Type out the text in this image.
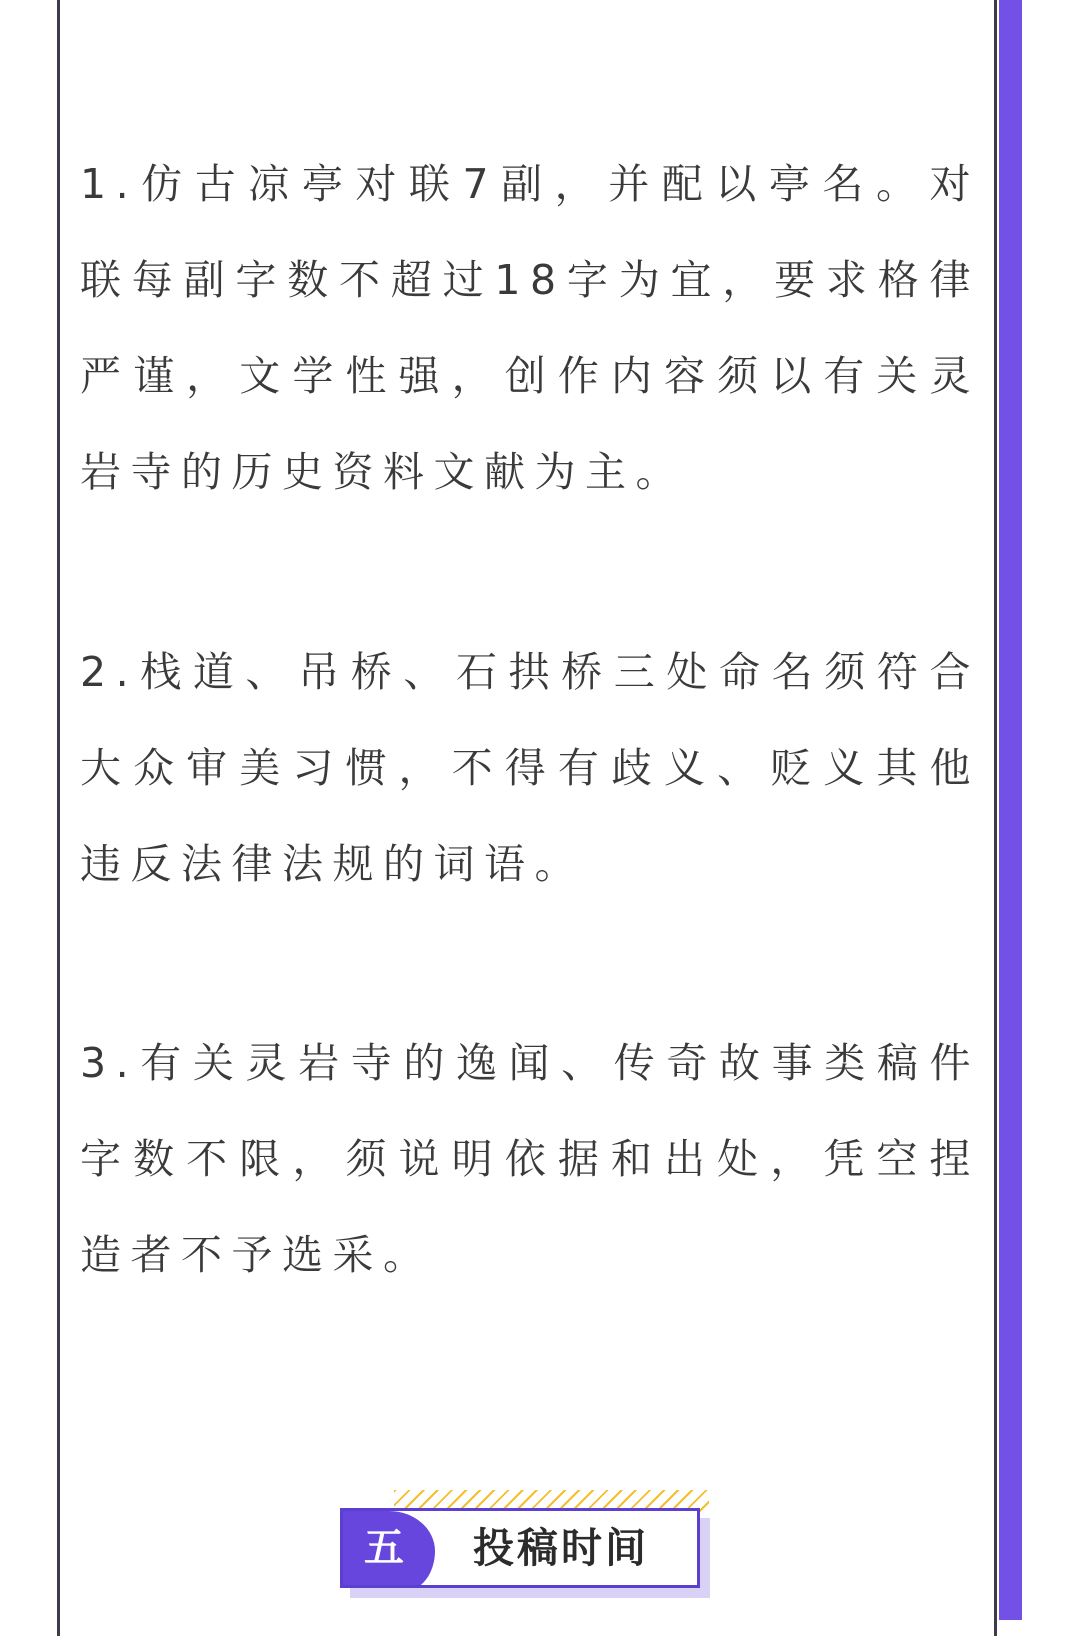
1.仿古凉亭对联7副，并配以亭名。对联每副字数不超过18字为宜，要求格律严谨，文学性强，创作内容须以有关灵岩寺的历史资料文献为主。

2.栈道、吊桥、石拱桥三处命名须符合大众审美习惯，不得有歧义、贬义其他违反法律法规的词语。

3.有关灵岩寺的逸闻、传奇故事类稿件字数不限，须说明依据和出处，凭空捏造者不予选采。

五	投稿时间
